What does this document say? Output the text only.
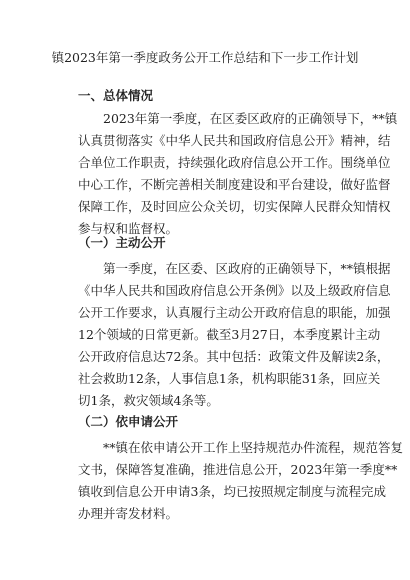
镇2023年第一季度政务公开工作总结和下一步工作计划
一、总体情况
2023年第一季度，在区委区政府的正确领导下，**镇
认真贯彻落实《中华人民共和国政府信息公开》精神，结
合单位工作职责，持续强化政府信息公开工作。围绕单位
中心工作，不断完善相关制度建设和平台建设，做好监督
保障工作，及时回应公众关切，切实保障人民群众知情权
参与权和监督权。
（一）主动公开
第一季度，在区委、区政府的正确领导下，**镇根据
《中华人民共和国政府信息公开条例》以及上级政府信息
公开工作要求，认真履行主动公开政府信息的职能，加强
12个领域的日常更新。截至3月27日，本季度累计主动
公开政府信息达72条。其中包括：政策文件及解读2条，
社会救助12条，人事信息1条，机构职能31条，回应关
切1条，救灾领域4条等。
（二）依申请公开
**镇在依申请公开工作上坚持规范办件流程，规范答复
文书，保障答复准确，推进信息公开，2023年第一季度**
镇收到信息公开申请3条，均已按照规定制度与流程完成
办理并寄发材料。
